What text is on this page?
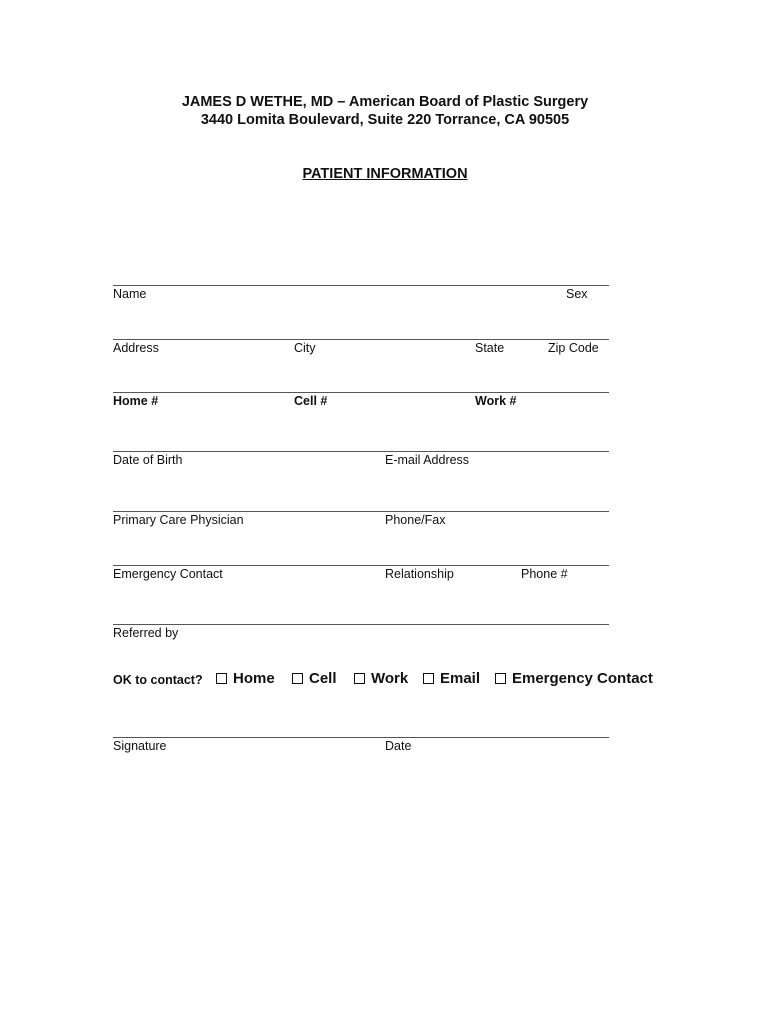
JAMES D WETHE, MD – American Board of Plastic Surgery
3440 Lomita Boulevard, Suite 220 Torrance, CA 90505
PATIENT INFORMATION
Name	Sex
Address	City	State	Zip Code
Home #	Cell #	Work #
Date of Birth	E-mail Address
Primary Care Physician	Phone/Fax
Emergency Contact	Relationship	Phone #
Referred by
OK to contact? Home Cell Work Email Emergency Contact
Signature	Date
